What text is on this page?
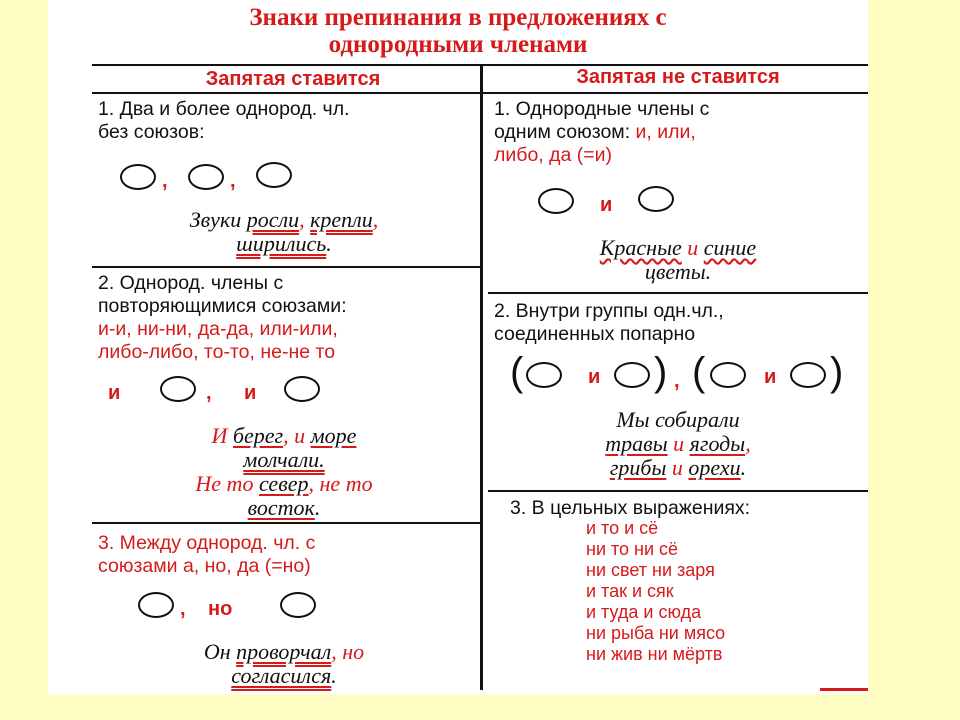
Знаки препинания в предложениях с
однородными членами
Запятая ставится	Запятая не ставится
1. Два и более однород. чл.
без союзов:
,	,
Звуки росли, крепли,
ширились.
2. Однород. члены с
повторяющимися союзами:
и-и, ни-ни, да-да, или-или,
либо-либо, то-то, не-не то
и	, и
И берег, и море
молчали.
Не то север, не то
восток.
3. Между однород. чл. с
союзами а, но, да (=но)
, но
Он проворчал, но
согласился.
1. Однородные члены с
одним союзом: и, или,
либо, да (=и)
и
Красные и синие
цветы.
2. Внутри группы одн.чл.,
соединенных попарно
(	и ) , (	и )
Мы собирали
травы и ягоды,
грибы и орехи.
3. В цельных выражениях:
и то и сё
ни то ни сё
ни свет ни заря
и так и сяк
и туда и сюда
ни рыба ни мясо
ни жив ни мёртв
